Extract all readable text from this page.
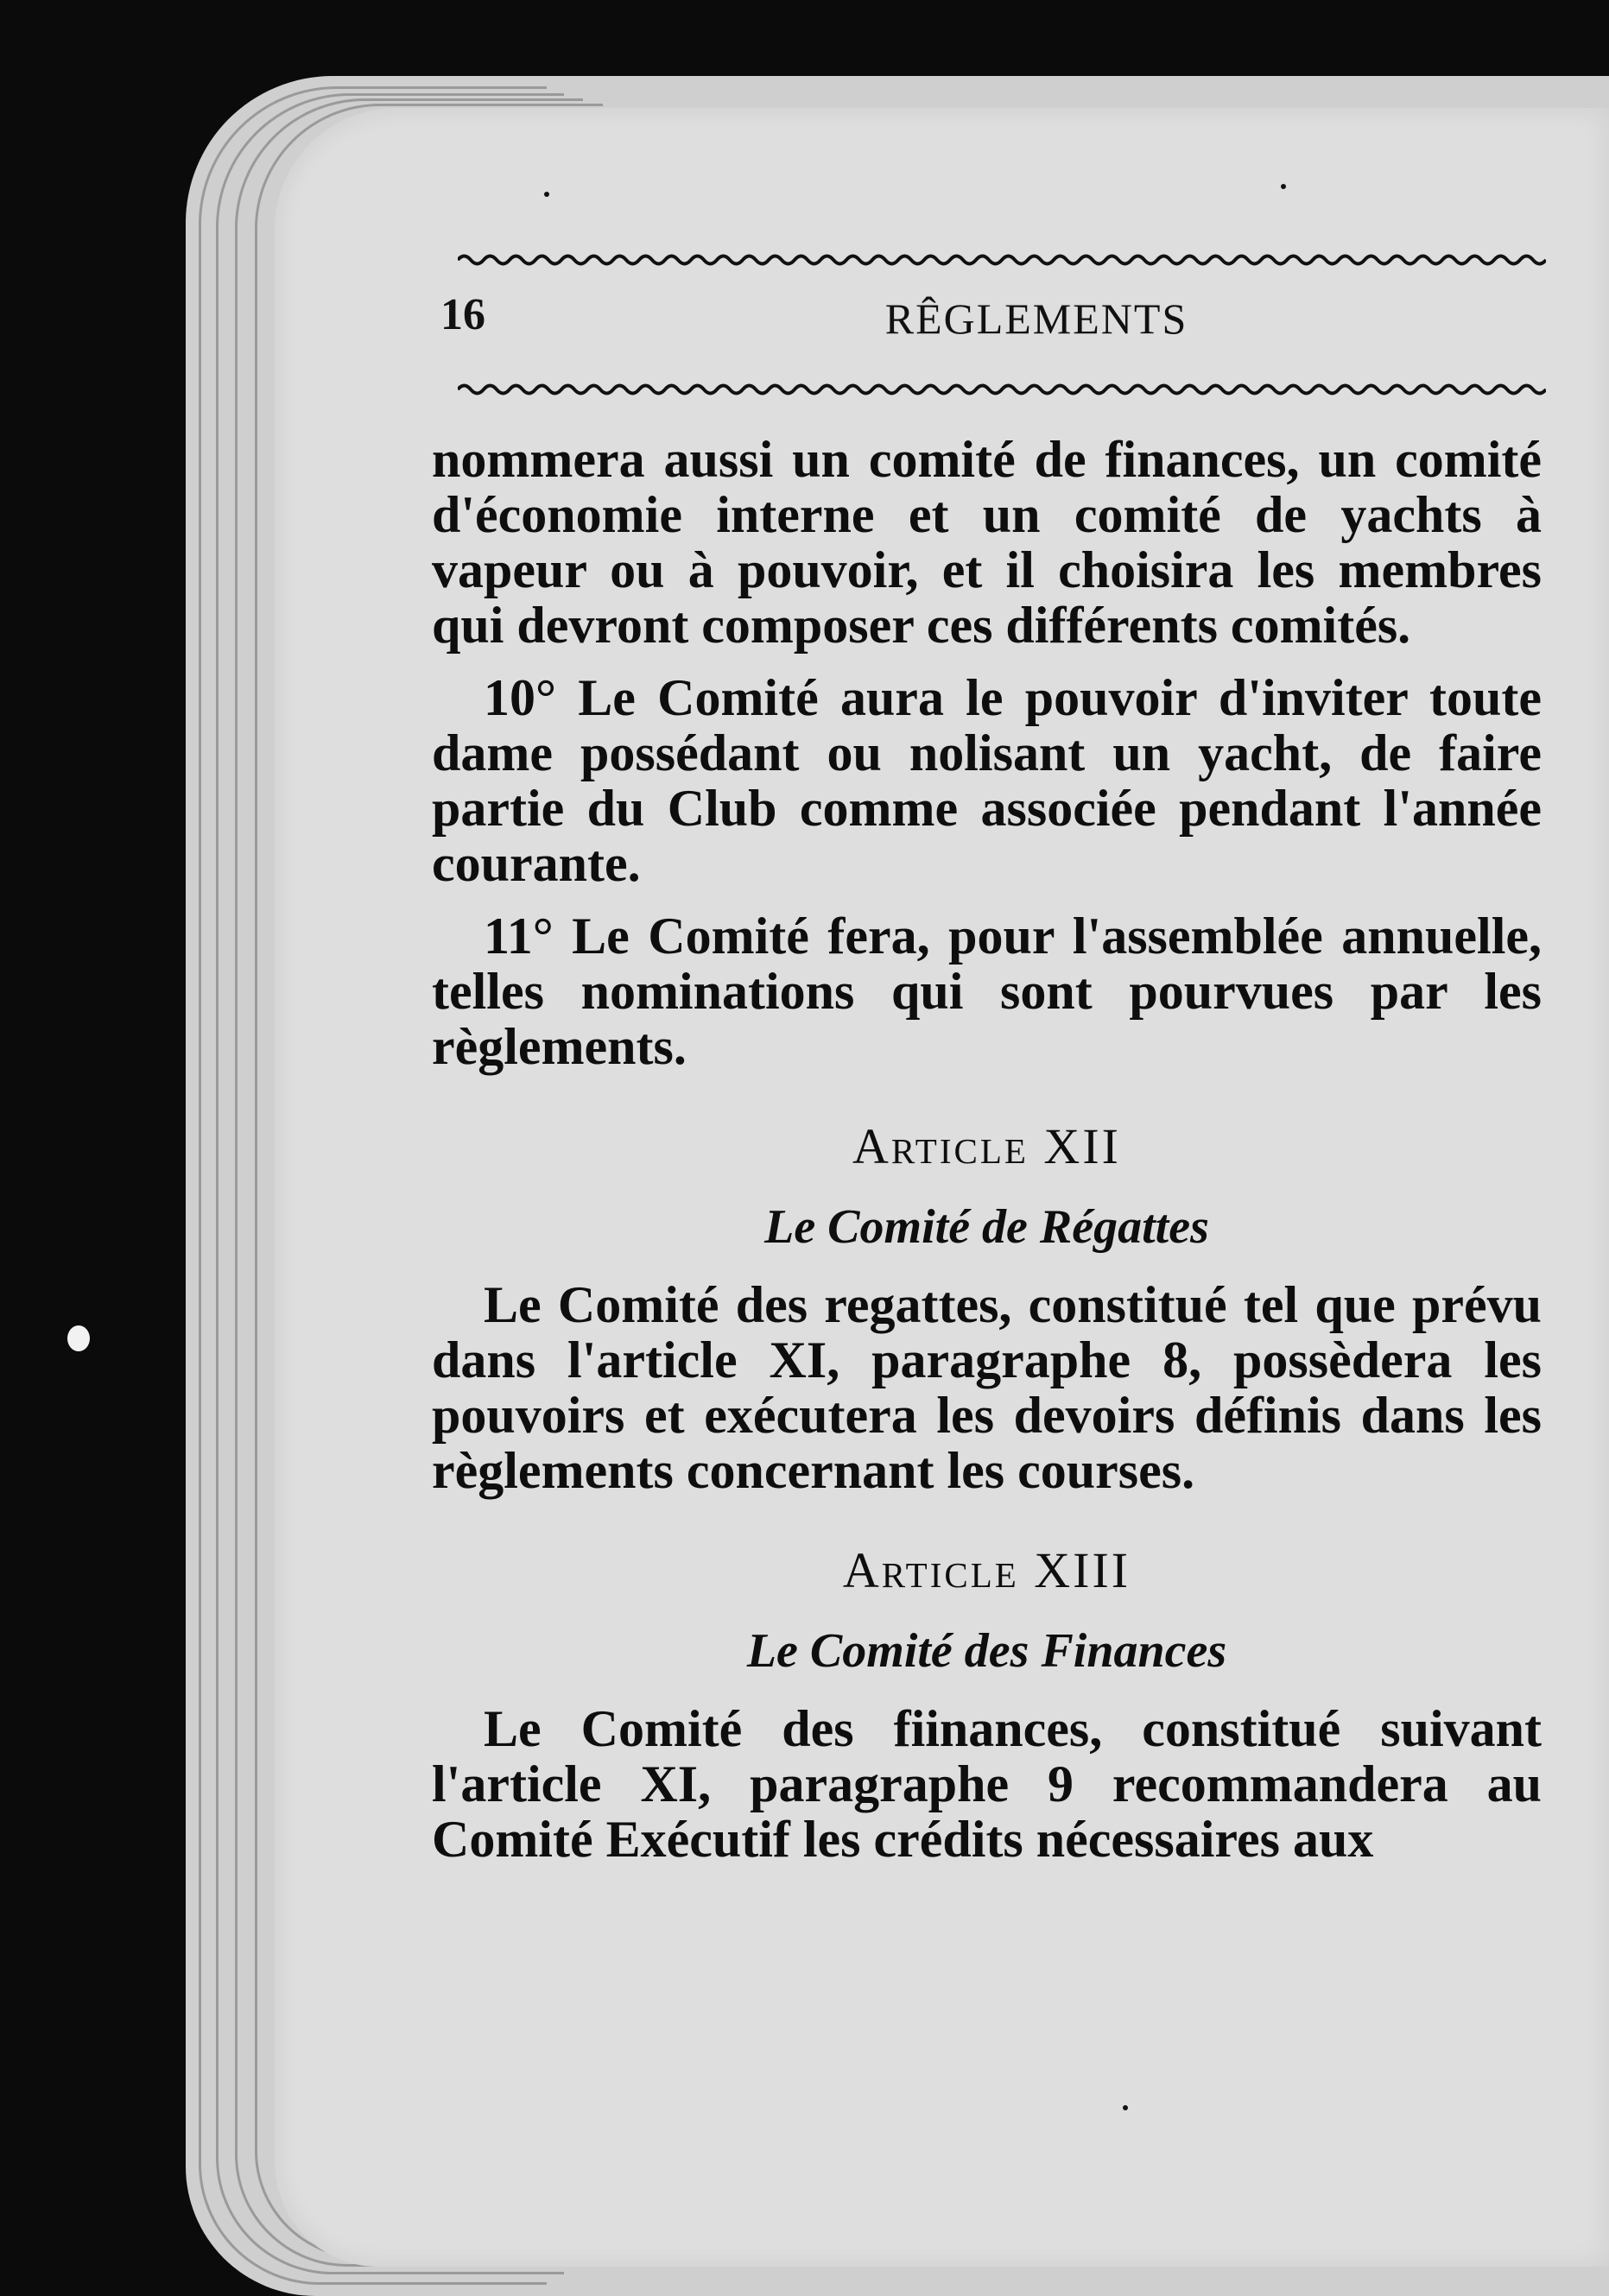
16	RÊGLEMENTS

nommera aussi un comité de finances, un comité d'économie interne et un comité de yachts à vapeur ou à pouvoir, et il choisira les membres qui devront composer ces différents comités.

10° Le Comité aura le pouvoir d'inviter toute dame possédant ou nolisant un yacht, de faire partie du Club comme associée pendant l'année courante.

11° Le Comité fera, pour l'assemblée annuelle, telles nominations qui sont pourvues par les règlements.

Article XII
Le Comité de Régattes

Le Comité des regattes, constitué tel que prévu dans l'article XI, paragraphe 8, possèdera les pouvoirs et exécutera les devoirs définis dans les règlements concernant les courses.

Article XIII
Le Comité des Finances

Le Comité des fiinances, constitué suivant l'article XI, paragraphe 9 recommandera au Comité Exécutif les crédits nécessaires aux
